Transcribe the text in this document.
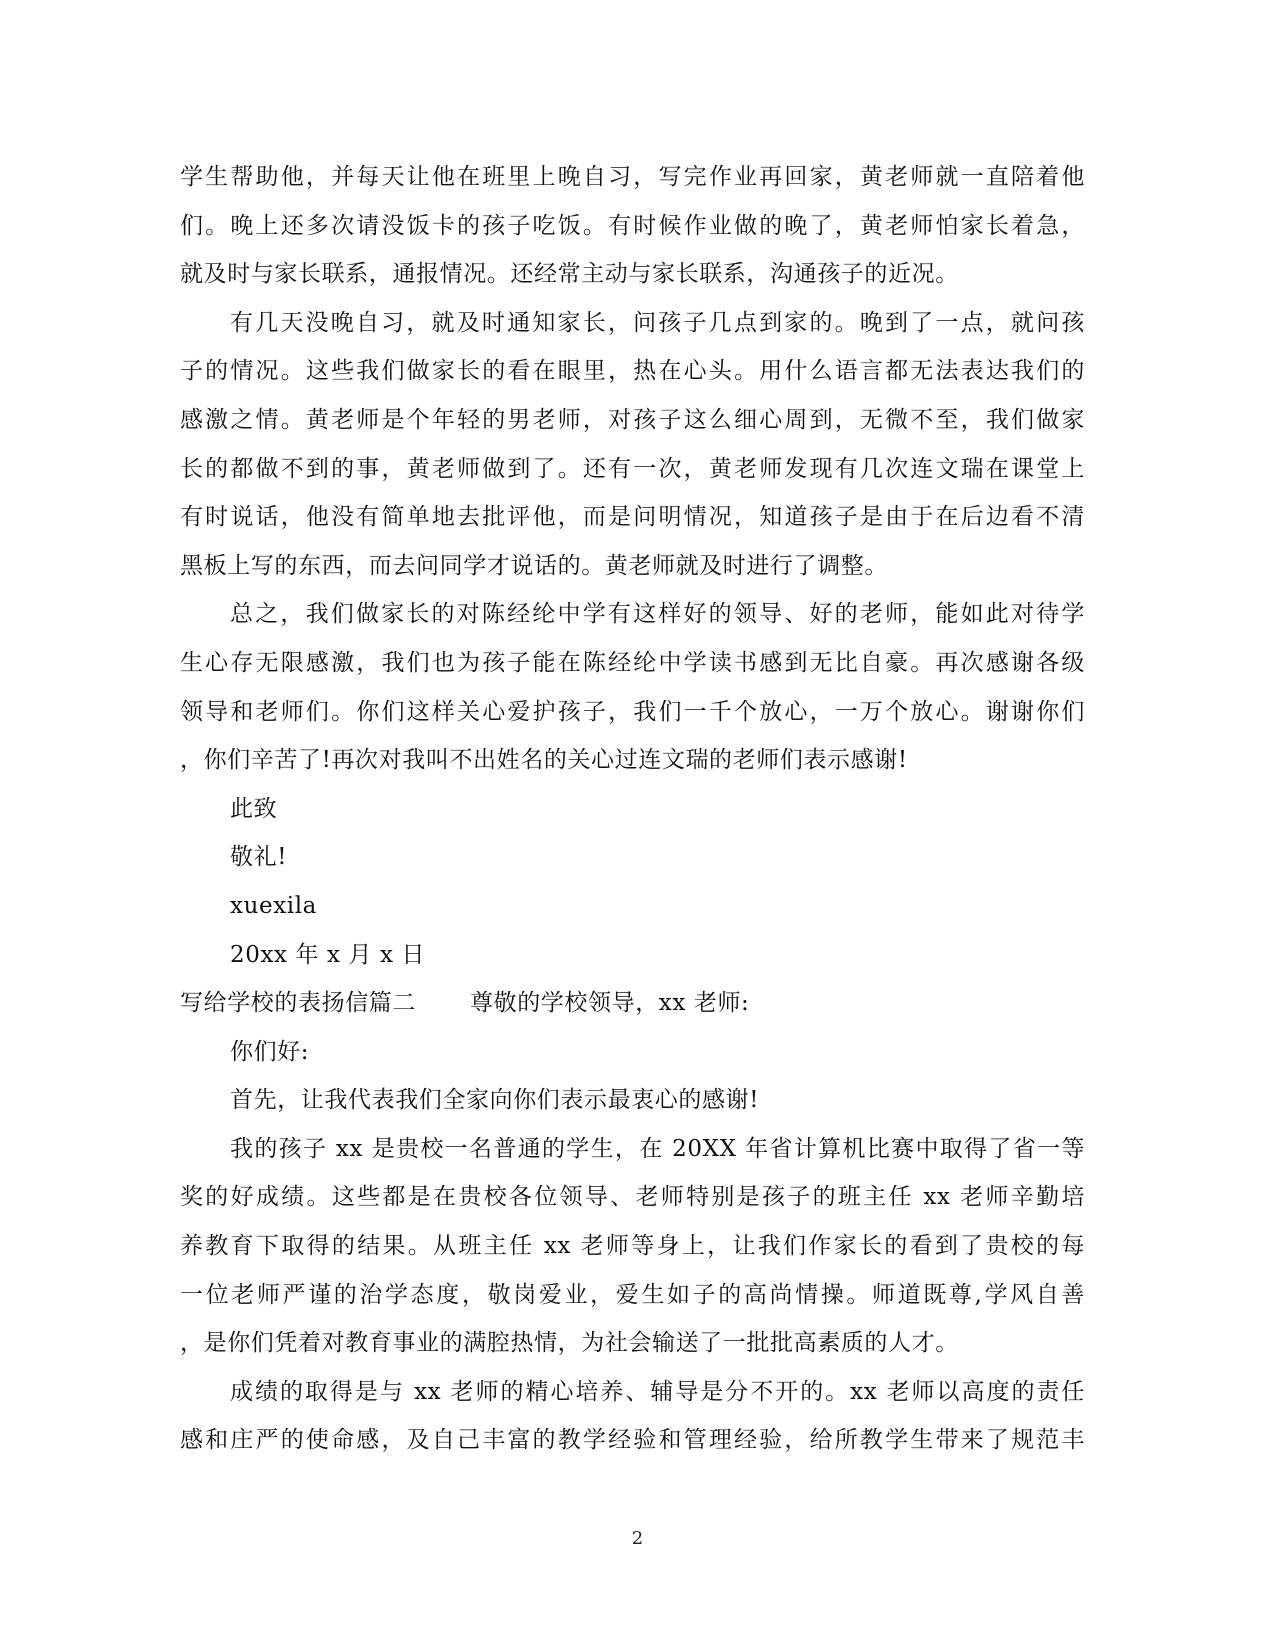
学生帮助他，并每天让他在班里上晚自习，写完作业再回家，黄老师就一直陪着他
们。晚上还多次请没饭卡的孩子吃饭。有时候作业做的晚了，黄老师怕家长着急，
就及时与家长联系，通报情况。还经常主动与家长联系，沟通孩子的近况。
有几天没晚自习，就及时通知家长，问孩子几点到家的。晚到了一点，就问孩
子的情况。这些我们做家长的看在眼里，热在心头。用什么语言都无法表达我们的
感激之情。黄老师是个年轻的男老师，对孩子这么细心周到，无微不至，我们做家
长的都做不到的事，黄老师做到了。还有一次，黄老师发现有几次连文瑞在课堂上
有时说话，他没有简单地去批评他，而是问明情况，知道孩子是由于在后边看不清
黑板上写的东西，而去问同学才说话的。黄老师就及时进行了调整。
总之，我们做家长的对陈经纶中学有这样好的领导、好的老师，能如此对待学
生心存无限感激，我们也为孩子能在陈经纶中学读书感到无比自豪。再次感谢各级
领导和老师们。你们这样关心爱护孩子，我们一千个放心，一万个放心。谢谢你们
，你们辛苦了!再次对我叫不出姓名的关心过连文瑞的老师们表示感谢!
此致
敬礼!
xuexila
20xx 年 x 月 x 日
写给学校的表扬信篇二 尊敬的学校领导，xx 老师:
你们好:
首先，让我代表我们全家向你们表示最衷心的感谢!
我的孩子 xx 是贵校一名普通的学生，在 20XX 年省计算机比赛中取得了省一等
奖的好成绩。这些都是在贵校各位领导、老师特别是孩子的班主任 xx 老师辛勤培
养教育下取得的结果。从班主任 xx 老师等身上，让我们作家长的看到了贵校的每
一位老师严谨的治学态度，敬岗爱业，爱生如子的高尚情操。师道既尊,学风自善
，是你们凭着对教育事业的满腔热情，为社会输送了一批批高素质的人才。
成绩的取得是与 xx 老师的精心培养、辅导是分不开的。xx 老师以高度的责任
感和庄严的使命感，及自己丰富的教学经验和管理经验，给所教学生带来了规范丰
2
